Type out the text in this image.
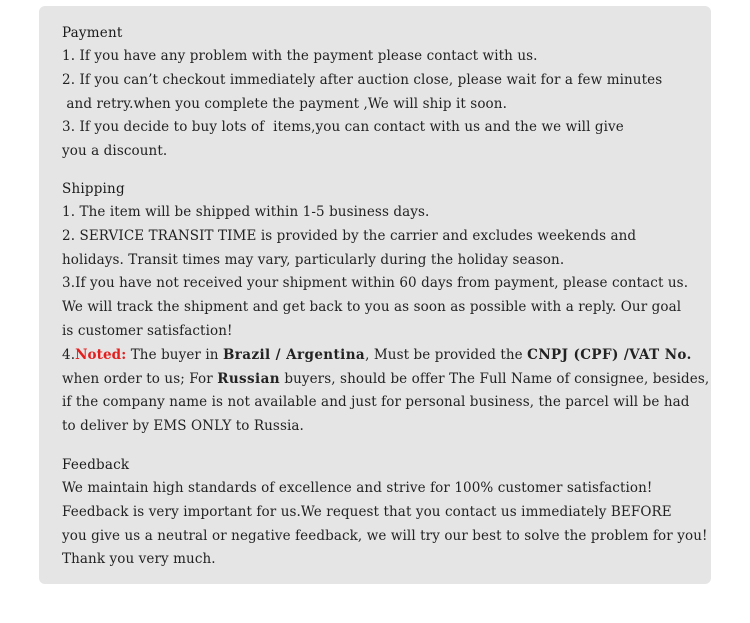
Payment
1. If you have any problem with the payment please contact with us.
2. If you can’t checkout immediately after auction close, please wait for a few minutes
and retry.when you complete the payment ,We will ship it soon.
3. If you decide to buy lots of  items,you can contact with us and the we will give
you a discount.
Shipping
1. The item will be shipped within 1-5 business days.
2. SERVICE TRANSIT TIME is provided by the carrier and excludes weekends and
holidays. Transit times may vary, particularly during the holiday season.
3.If you have not received your shipment within 60 days from payment, please contact us.
We will track the shipment and get back to you as soon as possible with a reply. Our goal
is customer satisfaction!
4.Noted: The buyer in Brazil / Argentina, Must be provided the CNPJ (CPF) /VAT No.
when order to us; For Russian buyers, should be offer The Full Name of consignee, besides,
if the company name is not available and just for personal business, the parcel will be had
to deliver by EMS ONLY to Russia.
Feedback
We maintain high standards of excellence and strive for 100% customer satisfaction!
Feedback is very important for us.We request that you contact us immediately BEFORE
you give us a neutral or negative feedback, we will try our best to solve the problem for you!
Thank you very much.
